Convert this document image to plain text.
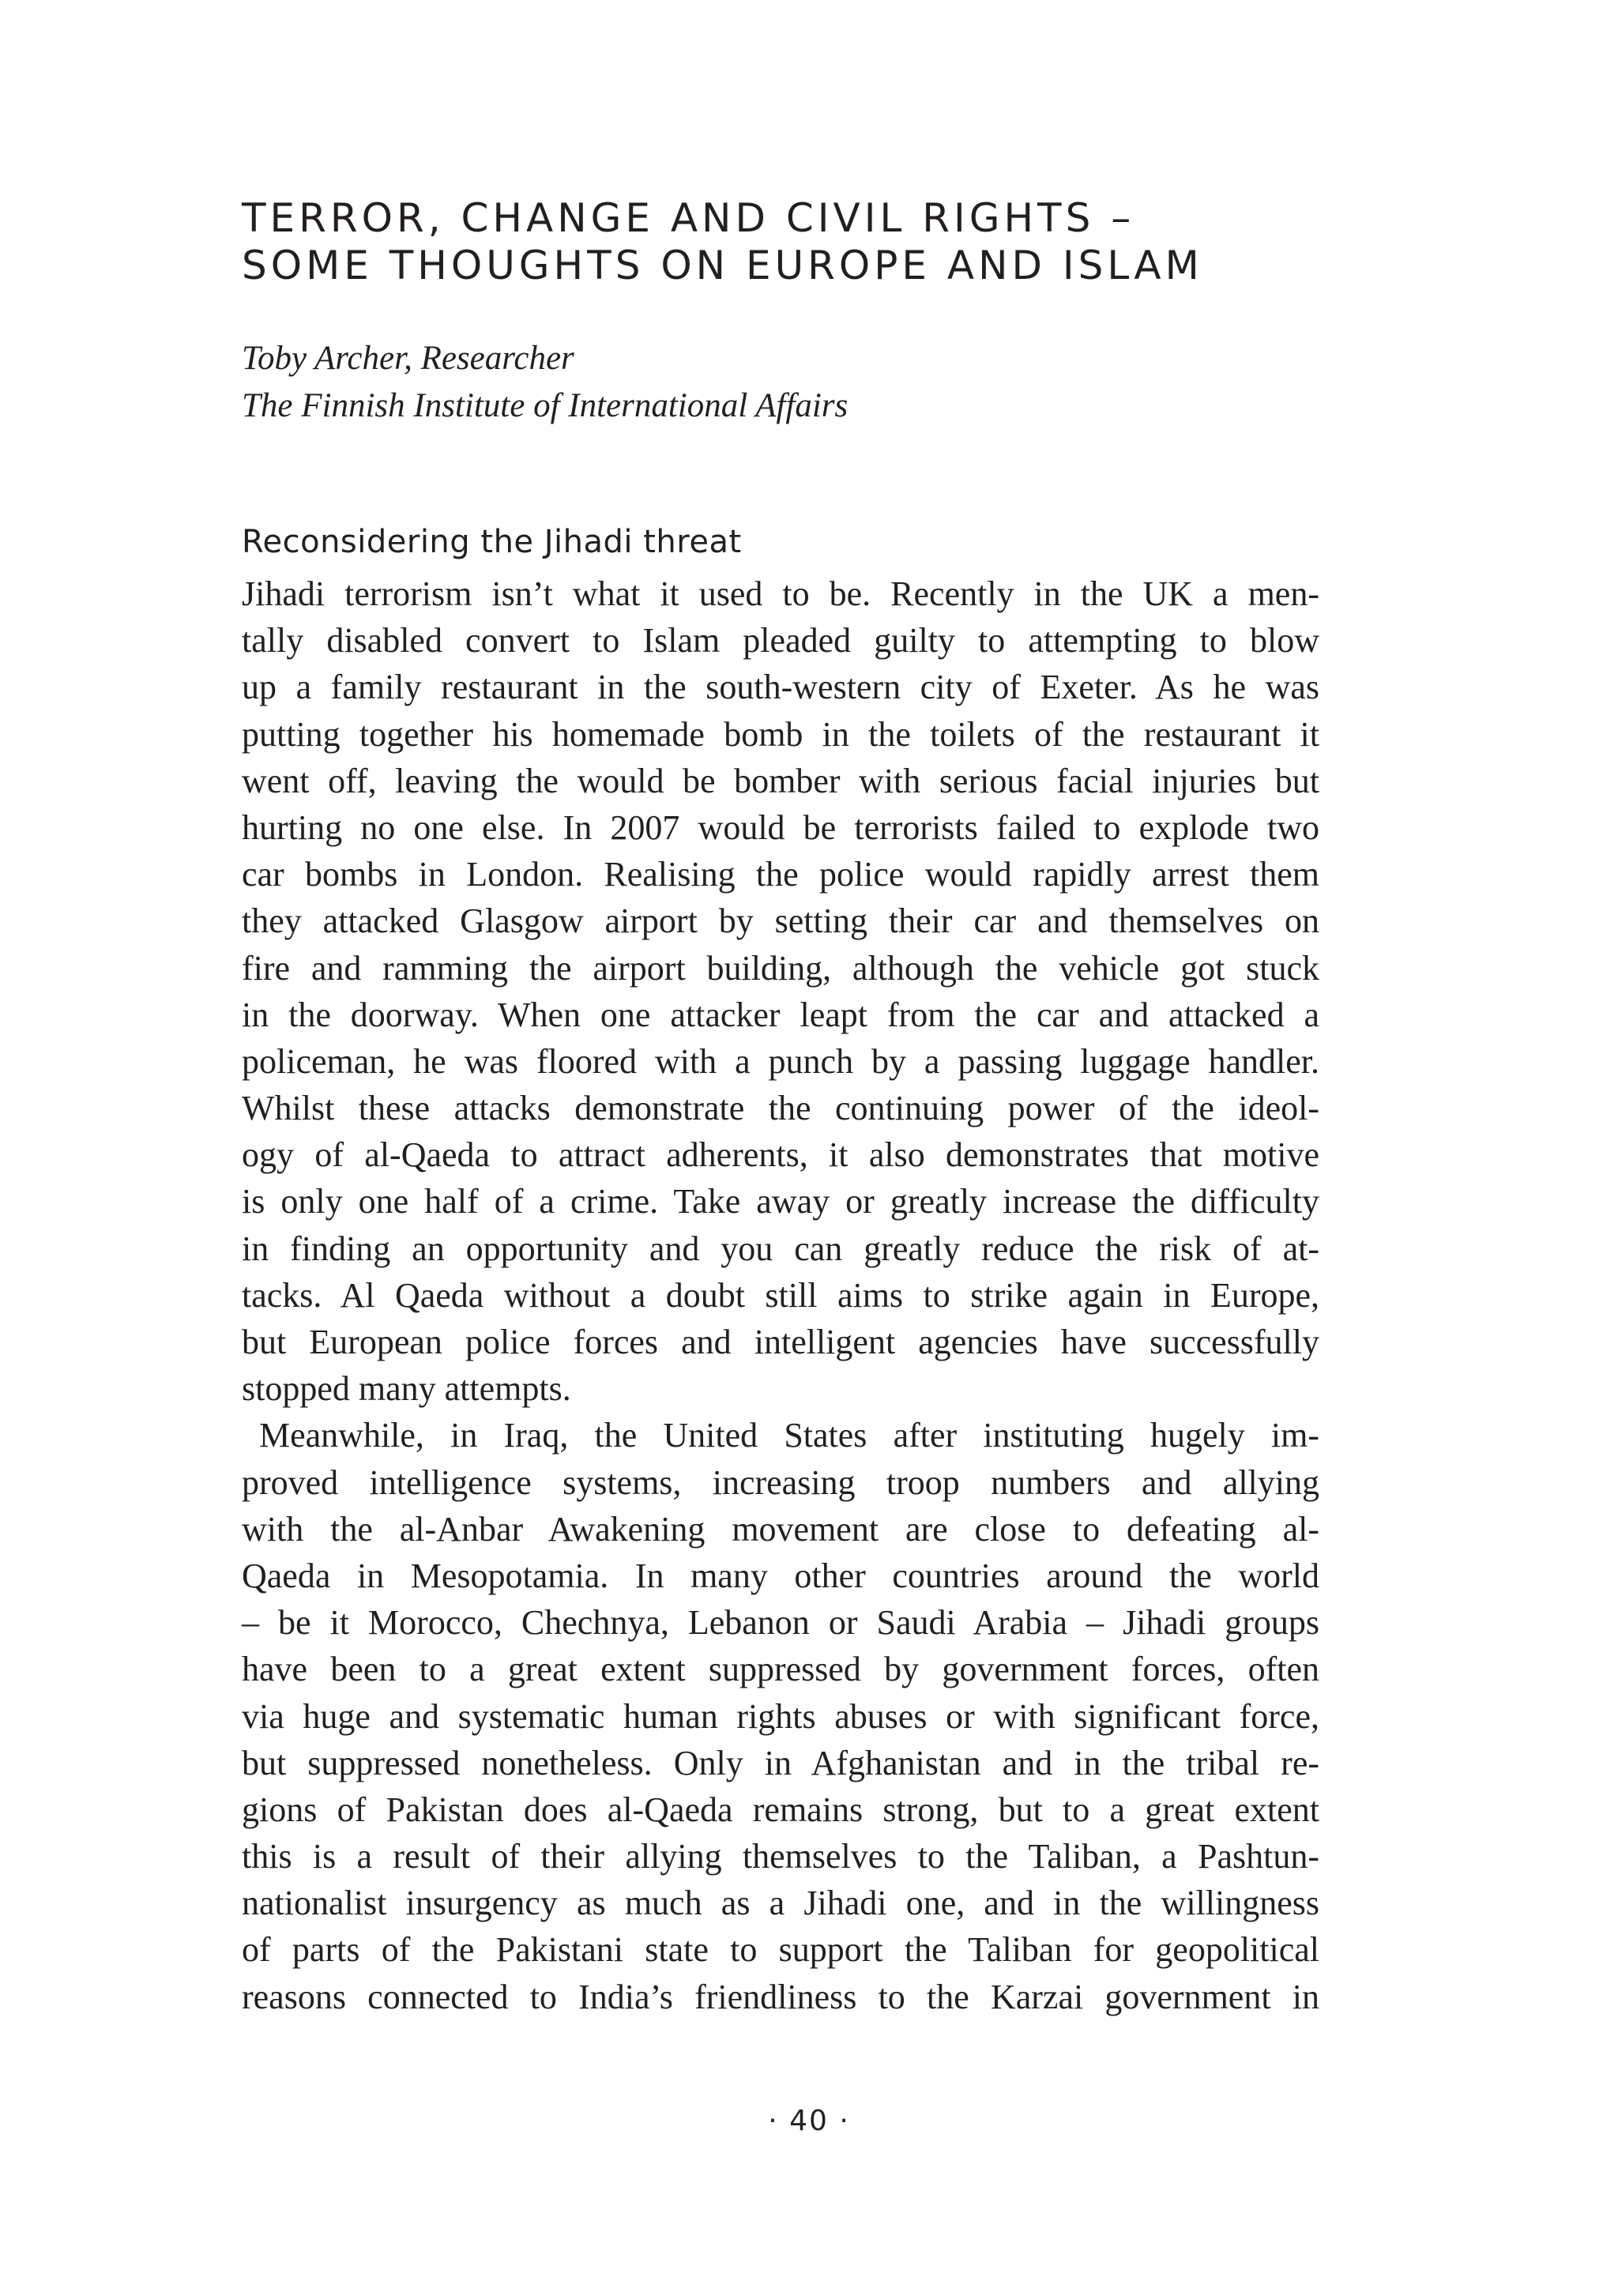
TERROR, CHANGE AND CIVIL RIGHTS –
SOME THOUGHTS ON EUROPE AND ISLAM
Toby Archer, Researcher
The Finnish Institute of International Affairs
Reconsidering the Jihadi threat
Jihadi terrorism isn’t what it used to be. Recently in the UK a men-
tally disabled convert to Islam pleaded guilty to attempting to blow
up a family restaurant in the south-western city of Exeter. As he was
putting together his homemade bomb in the toilets of the restaurant it
went off, leaving the would be bomber with serious facial injuries but
hurting no one else. In 2007 would be terrorists failed to explode two
car bombs in London. Realising the police would rapidly arrest them
they attacked Glasgow airport by setting their car and themselves on
fire and ramming the airport building, although the vehicle got stuck
in the doorway. When one attacker leapt from the car and attacked a
policeman, he was floored with a punch by a passing luggage handler.
Whilst these attacks demonstrate the continuing power of the ideol-
ogy of al-Qaeda to attract adherents, it also demonstrates that motive
is only one half of a crime. Take away or greatly increase the difficulty
in finding an opportunity and you can greatly reduce the risk of at-
tacks. Al Qaeda without a doubt still aims to strike again in Europe,
but European police forces and intelligent agencies have successfully
stopped many attempts.
Meanwhile, in Iraq, the United States after instituting hugely im-
proved intelligence systems, increasing troop numbers and allying
with the al-Anbar Awakening movement are close to defeating al-
Qaeda in Mesopotamia. In many other countries around the world
– be it Morocco, Chechnya, Lebanon or Saudi Arabia – Jihadi groups
have been to a great extent suppressed by government forces, often
via huge and systematic human rights abuses or with significant force,
but suppressed nonetheless. Only in Afghanistan and in the tribal re-
gions of Pakistan does al-Qaeda remains strong, but to a great extent
this is a result of their allying themselves to the Taliban, a Pashtun-
nationalist insurgency as much as a Jihadi one, and in the willingness
of parts of the Pakistani state to support the Taliban for geopolitical
reasons connected to India’s friendliness to the Karzai government in
· 40 ·
